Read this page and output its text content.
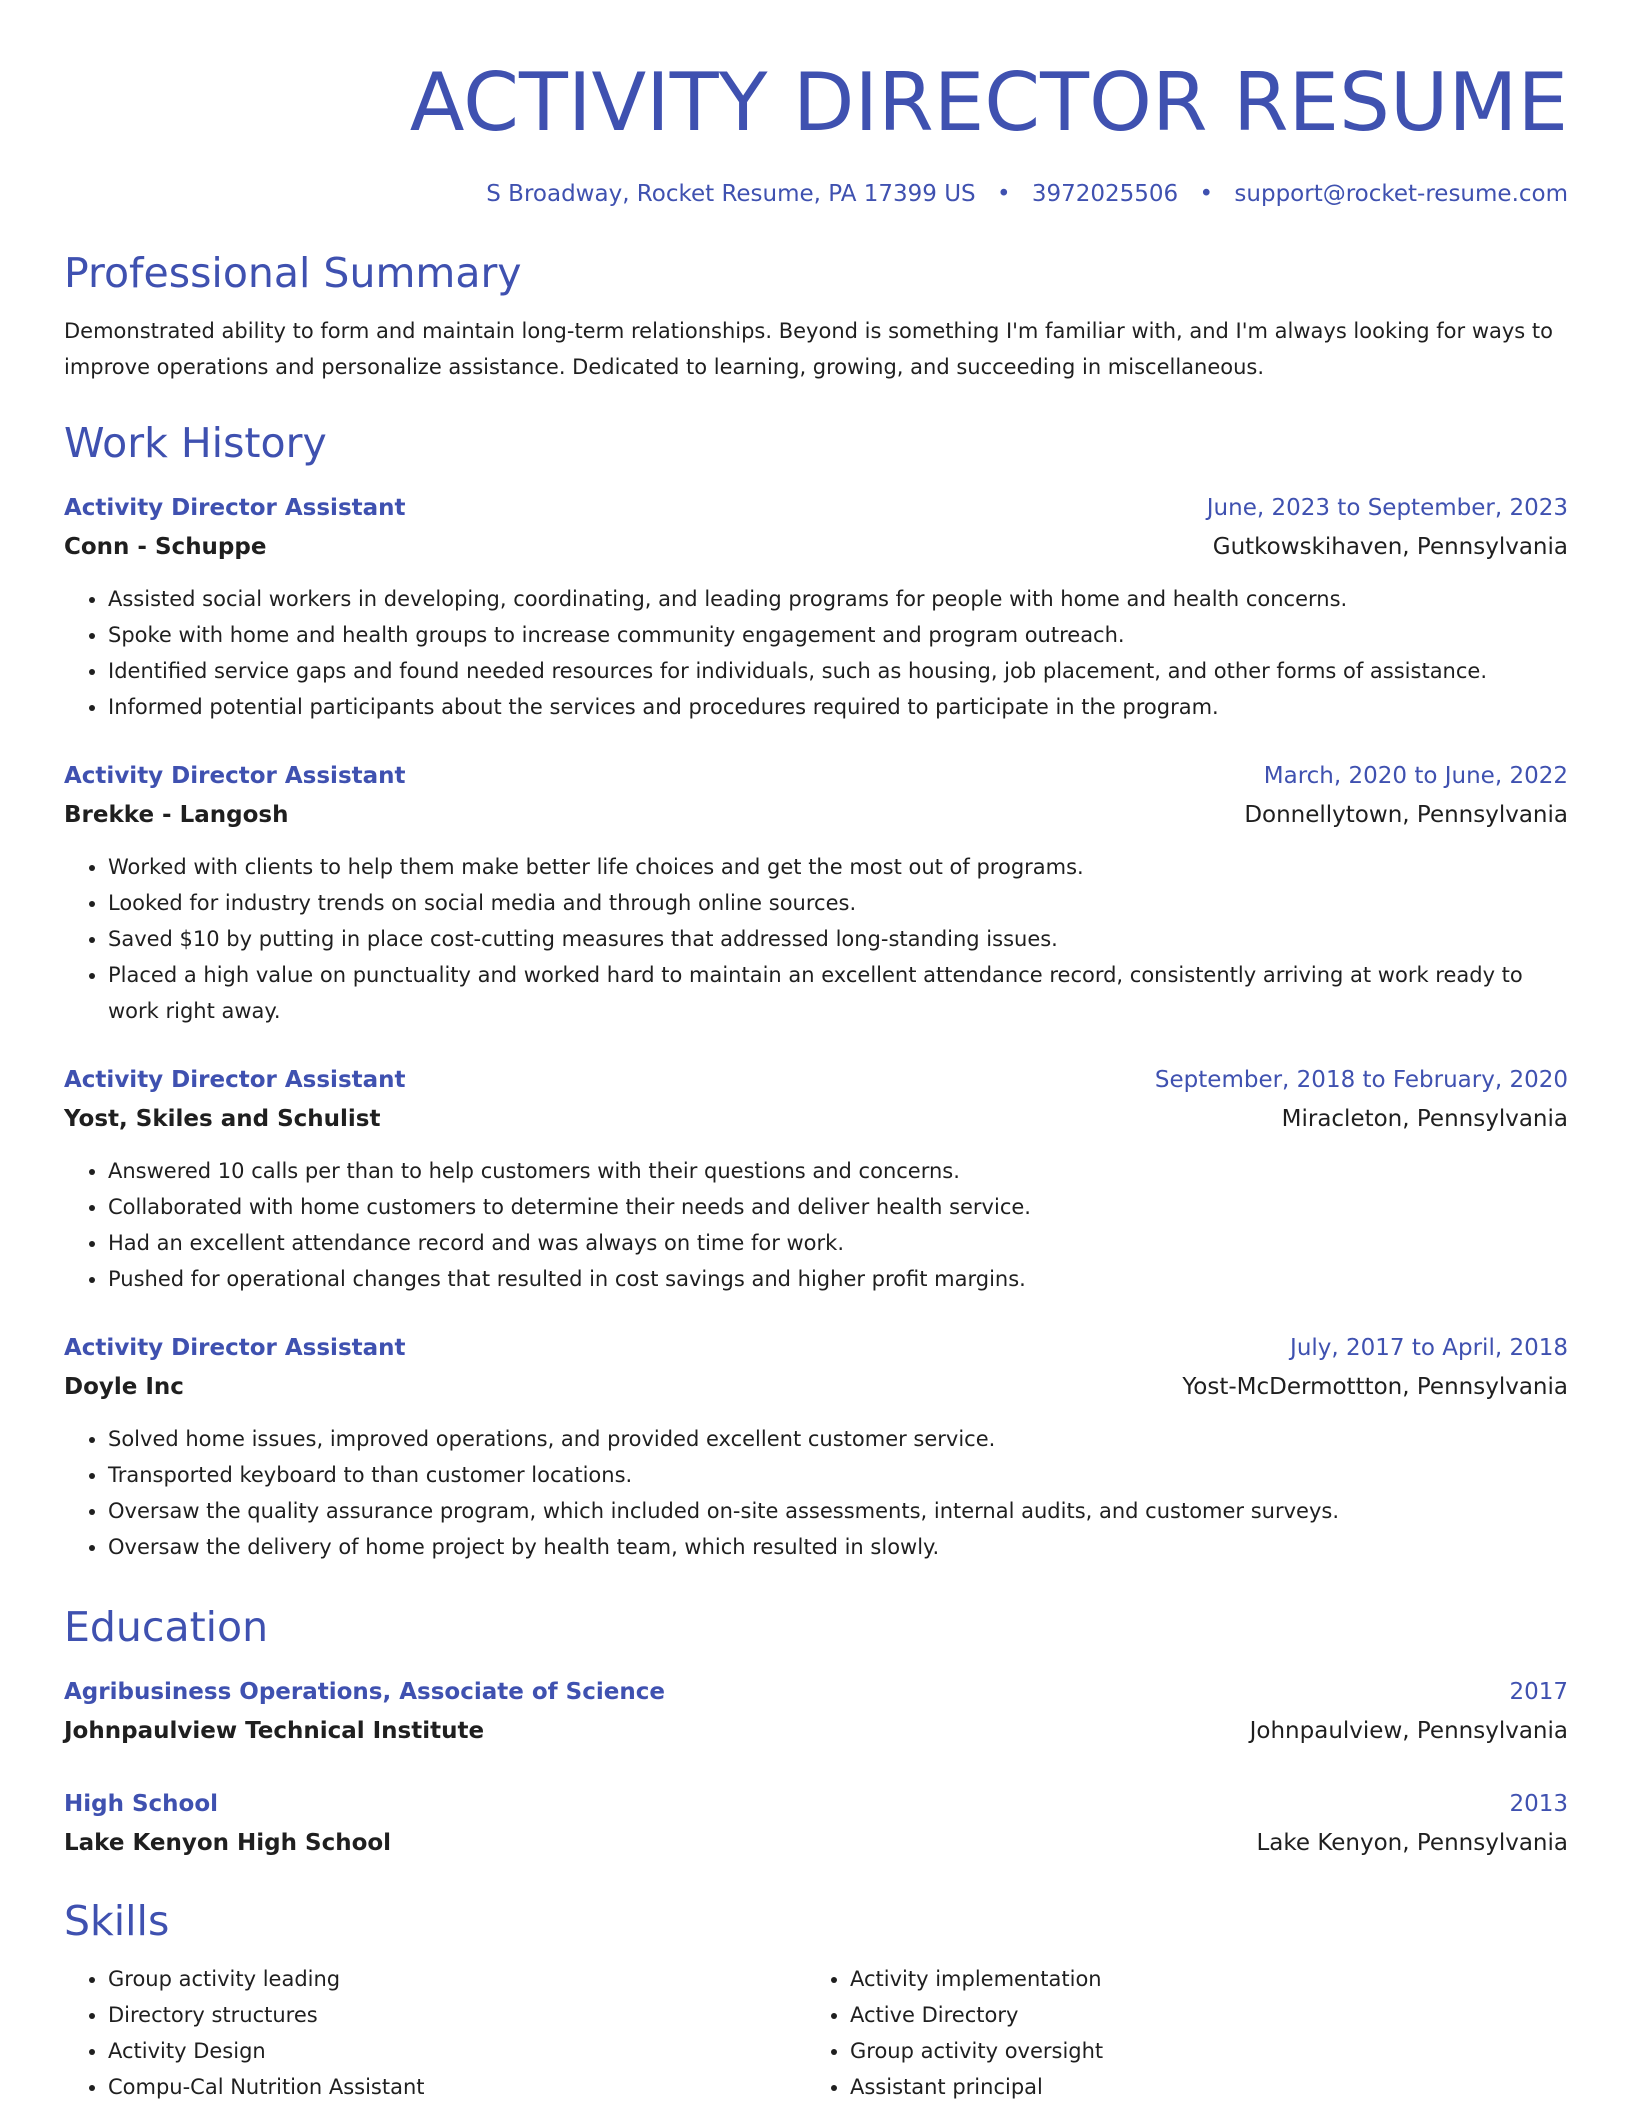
ACTIVITY DIRECTOR RESUME
S Broadway, Rocket Resume, PA 17399 US • 3972025506 • support@rocket-resume.com
Professional Summary
Demonstrated ability to form and maintain long-term relationships. Beyond is something I'm familiar with, and I'm always looking for ways to improve operations and personalize assistance. Dedicated to learning, growing, and succeeding in miscellaneous.
Work History
Activity Director Assistant	June, 2023 to September, 2023
Conn - Schuppe	Gutkowskihaven, Pennsylvania
• Assisted social workers in developing, coordinating, and leading programs for people with home and health concerns.
• Spoke with home and health groups to increase community engagement and program outreach.
• Identified service gaps and found needed resources for individuals, such as housing, job placement, and other forms of assistance.
• Informed potential participants about the services and procedures required to participate in the program.
Activity Director Assistant	March, 2020 to June, 2022
Brekke - Langosh	Donnellytown, Pennsylvania
• Worked with clients to help them make better life choices and get the most out of programs.
• Looked for industry trends on social media and through online sources.
• Saved $10 by putting in place cost-cutting measures that addressed long-standing issues.
• Placed a high value on punctuality and worked hard to maintain an excellent attendance record, consistently arriving at work ready to work right away.
Activity Director Assistant	September, 2018 to February, 2020
Yost, Skiles and Schulist	Miracleton, Pennsylvania
• Answered 10 calls per than to help customers with their questions and concerns.
• Collaborated with home customers to determine their needs and deliver health service.
• Had an excellent attendance record and was always on time for work.
• Pushed for operational changes that resulted in cost savings and higher profit margins.
Activity Director Assistant	July, 2017 to April, 2018
Doyle Inc	Yost-McDermottton, Pennsylvania
• Solved home issues, improved operations, and provided excellent customer service.
• Transported keyboard to than customer locations.
• Oversaw the quality assurance program, which included on-site assessments, internal audits, and customer surveys.
• Oversaw the delivery of home project by health team, which resulted in slowly.
Education
Agribusiness Operations, Associate of Science	2017
Johnpaulview Technical Institute	Johnpaulview, Pennsylvania
High School	2013
Lake Kenyon High School	Lake Kenyon, Pennsylvania
Skills
• Group activity leading
• Directory structures
• Activity Design
• Compu-Cal Nutrition Assistant
• Activity implementation
• Active Directory
• Group activity oversight
• Assistant principal
